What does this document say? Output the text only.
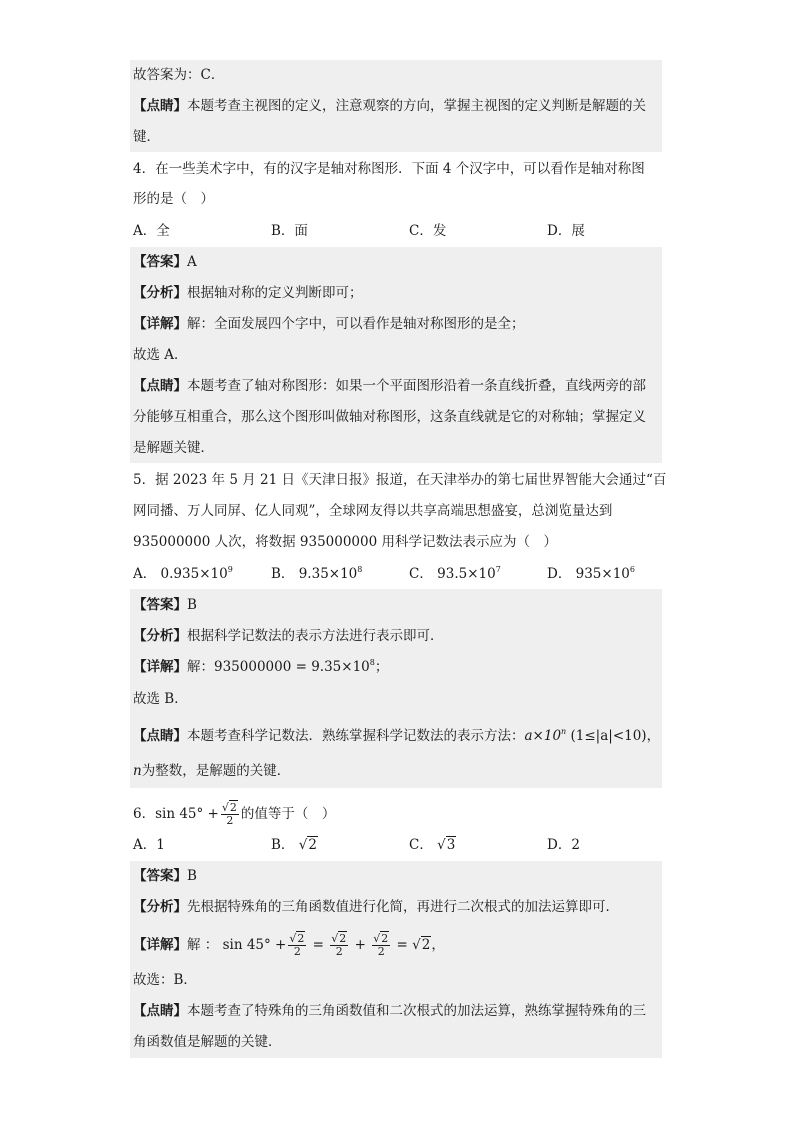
故答案为：C．
【点睛】本题考查主视图的定义，注意观察的方向，掌握主视图的定义判断是解题的关
键．
4．在一些美术字中，有的汉字是轴对称图形．下面 4 个汉字中，可以看作是轴对称图
形的是（　）
A．全	B．面	C．发	D．展
【答案】A
【分析】根据轴对称的定义判断即可；
【详解】解：全面发展四个字中，可以看作是轴对称图形的是全；
故选 A．
【点睛】本题考查了轴对称图形：如果一个平面图形沿着一条直线折叠，直线两旁的部
分能够互相重合，那么这个图形叫做轴对称图形，这条直线就是它的对称轴；掌握定义
是解题关键．
5．据 2023 年 5 月 21 日《天津日报》报道，在天津举办的第七届世界智能大会通过“百
网同播、万人同屏、亿人同观”，全球网友得以共享高端思想盛宴，总浏览量达到
935000000 人次，将数据 935000000 用科学记数法表示应为（　）
A． $0.935\times 10^9$	B． $9.35\times 10^8$	C． $93.5\times 10^7$	D． $935\times 10^6$
【答案】B
【分析】根据科学记数法的表示方法进行表示即可．
【详解】解：$935000000 = 9.35\times 10^8$；
故选 B．
【点睛】本题考查科学记数法．熟练掌握科学记数法的表示方法：$a\times 10^n$ (1≤|a|<10)，
n为整数，是解题的关键．
6．$\sin 45^\circ + \frac{√2}{2}$ 的值等于（　）
A．1	B． √2	C． √3	D．2
【答案】B
【分析】先根据特殊角的三角函数值进行化简，再进行二次根式的加法运算即可．
【详解】解 ： $\sin 45^\circ + \frac{√2}{2} = \frac{√2}{2} + \frac{√2}{2} = √2$，
故选：B．
【点睛】本题考查了特殊角的三角函数值和二次根式的加法运算，熟练掌握特殊角的三
角函数值是解题的关键．
